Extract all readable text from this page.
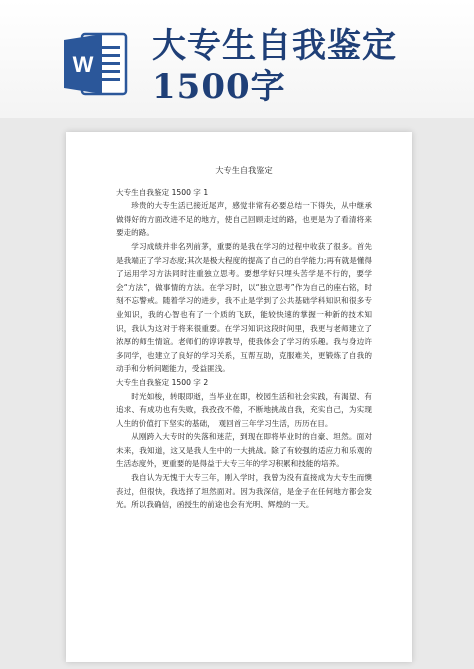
W 大专生自我鉴定1500字
大专生自我鉴定
大专生自我鉴定 1500 字 1

珍贵的大专生活已接近尾声，感觉非常有必要总结一下得失，从中继承做得好的方面改进不足的地方，使自己回顾走过的路，也更是为了看清将来要走的路。

学习成绩并非名列前茅，重要的是我在学习的过程中收获了很多。首先是我端正了学习态度;其次是极大程度的提高了自己的自学能力;再有就是懂得了运用学习方法同时注重独立思考。要想学好只埋头苦学是不行的，要学会“方法”，做事情的方法。在学习时，以“独立思考”作为自己的座右铭，时刻不忘警戒。随着学习的进步，我不止是学到了公共基础学科知识和很多专业知识，我的心智也有了一个质的飞跃，能较快速的掌握一种新的技术知识，我认为这对于将来很重要。在学习知识这段时间里，我更与老师建立了浓厚的师生情谊。老师们的谆谆教导，使我体会了学习的乐趣。我与身边许多同学，也建立了良好的学习关系，互帮互助，克服难关，更锻炼了自我的动手和分析问题能力，受益匪浅。

大专生自我鉴定 1500 字 2

时光如梭，转眼即逝，当毕业在即，校园生活和社会实践，有渴望、有追求、有成功也有失败，我孜孜不倦，不断地挑战自我，充实自己，为实现人生的价值打下坚实的基础，　观回首三年学习生活，历历在目。

从刚跨入大专时的失落和迷茫，到现在即将毕业时的自豪、坦然。面对未来，我知道，这又是我人生中的一大挑战。除了有较强的适应力和乐观的生活态度外，更重要的是得益于大专三年的学习积累和技能的培养。

我自认为无愧于大专三年，刚入学时，我曾为没有直接成为大专生而懊丧过，但很快，我选择了坦然面对。因为我深信，是金子在任何地方都会发光。所以我确信，函授生的前途也会有光明、辉煌的一天。
